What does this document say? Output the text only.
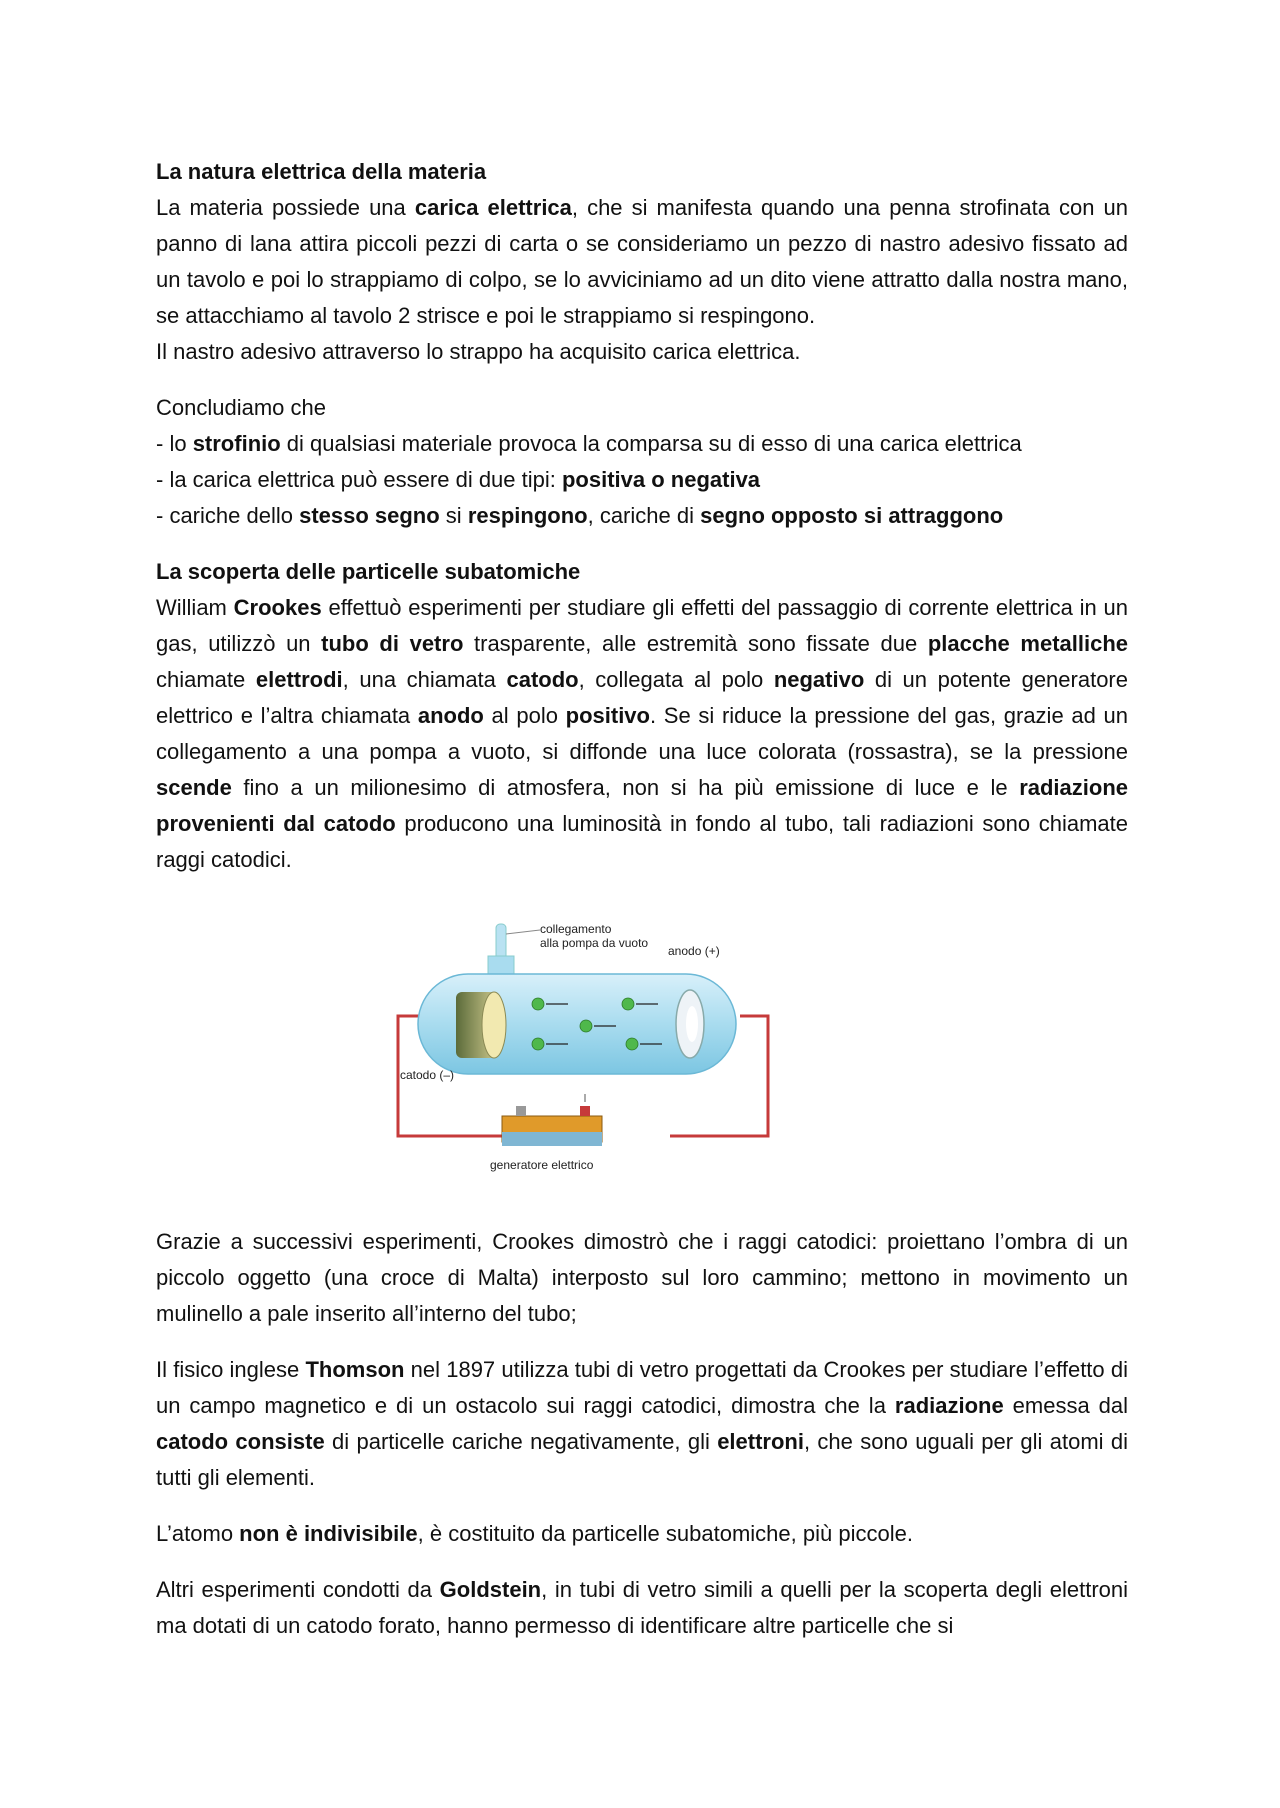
La natura elettrica della materia

La materia possiede una carica elettrica, che si manifesta quando una penna strofinata con un panno di lana attira piccoli pezzi di carta o se consideriamo un pezzo di nastro adesivo fissato ad un tavolo e poi lo strappiamo di colpo, se lo avviciniamo ad un dito viene attratto dalla nostra mano, se attacchiamo al tavolo 2 strisce e poi le strappiamo si respingono.

Il nastro adesivo attraverso lo strappo ha acquisito carica elettrica.

Concludiamo che

- lo strofinio di qualsiasi materiale provoca la comparsa su di esso di una carica elettrica

- la carica elettrica può essere di due tipi: positiva o negativa

- cariche dello stesso segno si respingono, cariche di segno opposto si attraggono

La scoperta delle particelle subatomiche

William Crookes effettuò esperimenti per studiare gli effetti del passaggio di corrente elettrica in un gas, utilizzò un tubo di vetro trasparente, alle estremità sono fissate due placche metalliche chiamate elettrodi, una chiamata catodo, collegata al polo negativo di un potente generatore elettrico e l’altra chiamata anodo al polo positivo. Se si riduce la pressione del gas, grazie ad un collegamento a una pompa a vuoto, si diffonde una luce colorata (rossastra), se la pressione scende fino a un milionesimo di atmosfera, non si ha più emissione di luce e le radiazione provenienti dal catodo producono una luminosità in fondo al tubo, tali radiazioni sono chiamate raggi catodici.

collegamento
alla pompa da vuoto
anodo (+)
catodo (–)
generatore elettrico

Grazie a successivi esperimenti, Crookes dimostrò che i raggi catodici: proiettano l’ombra di un piccolo oggetto (una croce di Malta) interposto sul loro cammino; mettono in movimento un mulinello a pale inserito all’interno del tubo;

Il fisico inglese Thomson nel 1897 utilizza tubi di vetro progettati da Crookes per studiare l’effetto di un campo magnetico e di un ostacolo sui raggi catodici, dimostra che la radiazione emessa dal catodo consiste di particelle cariche negativamente, gli elettroni, che sono uguali per gli atomi di tutti gli elementi.

L’atomo non è indivisibile, è costituito da particelle subatomiche, più piccole.

Altri esperimenti condotti da Goldstein, in tubi di vetro simili a quelli per la scoperta degli elettroni ma dotati di un catodo forato, hanno permesso di identificare altre particelle che si
